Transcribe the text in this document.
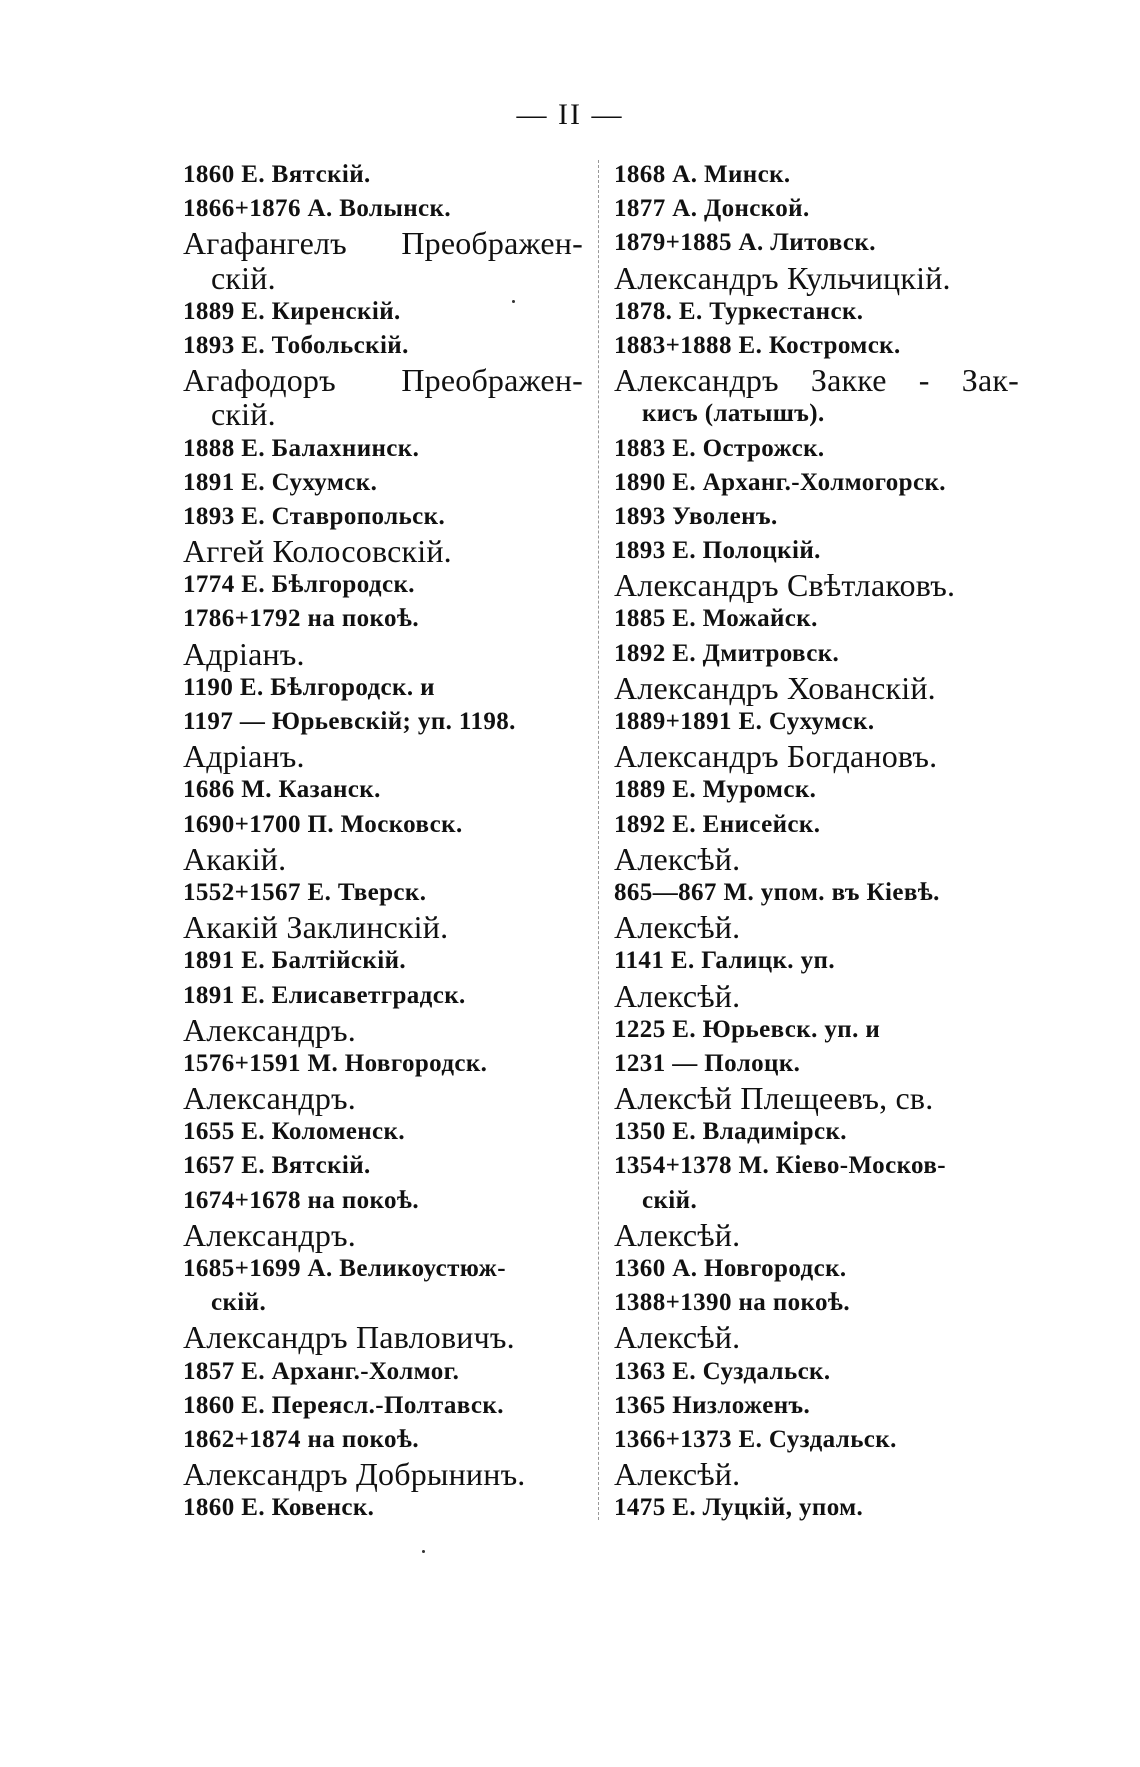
— II —
1860 Е. Вятскій.
1866+1876 А. Волынск.
Агафангелъ Преображен-
скій.
1889 Е. Киренскій.
1893 Е. Тобольскій.
Агафодоръ Преображен-
скій.
1888 Е. Балахнинск.
1891 Е. Сухумск.
1893 Е. Ставропольск.
Аггей Колосовскій.
1774 Е. Бѣлгородск.
1786+1792 на покоѣ.
Адріанъ.
1190 Е. Бѣлгородск. и
1197 — Юрьевскій; уп. 1198.
Адріанъ.
1686 М. Казанск.
1690+1700 П. Московск.
Акакій.
1552+1567 Е. Тверск.
Акакій Заклинскій.
1891 Е. Балтійскій.
1891 Е. Елисаветградск.
Александръ.
1576+1591 М. Новгородск.
Александръ.
1655 Е. Коломенск.
1657 Е. Вятскій.
1674+1678 на покоѣ.
Александръ.
1685+1699 А. Великоустюж-
скій.
Александръ Павловичъ.
1857 Е. Арханг.-Холмог.
1860 Е. Переясл.-Полтавск.
1862+1874 на покоѣ.
Александръ Добрынинъ.
1860 Е. Ковенск.
1868 А. Минск.
1877 А. Донской.
1879+1885 А. Литовск.
Александръ Кульчицкій.
1878. Е. Туркестанск.
1883+1888 Е. Костромск.
Александръ Закке - Зак-
кисъ (латышъ).
1883 Е. Острожск.
1890 Е. Арханг.-Холмогорск.
1893 Уволенъ.
1893 Е. Полоцкій.
Александръ Свѣтлаковъ.
1885 Е. Можайск.
1892 Е. Дмитровск.
Александръ Хованскій.
1889+1891 Е. Сухумск.
Александръ Богдановъ.
1889 Е. Муромск.
1892 Е. Енисейск.
Алексѣй.
865—867 М. упом. въ Кіевѣ.
Алексѣй.
1141 Е. Галицк. уп.
Алексѣй.
1225 Е. Юрьевск. уп. и
1231 — Полоцк.
Алексѣй Плещеевъ, св.
1350 Е. Владимірск.
1354+1378 М. Кіево-Москов-
скій.
Алексѣй.
1360 А. Новгородск.
1388+1390 на покоѣ.
Алексѣй.
1363 Е. Суздальск.
1365 Низложенъ.
1366+1373 Е. Суздальск.
Алексѣй.
1475 Е. Луцкій, упом.
